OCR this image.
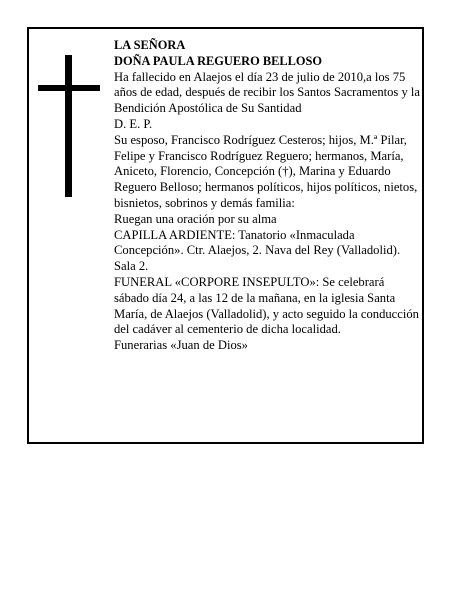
LA SEÑORA

DOÑA PAULA REGUERO BELLOSO

Ha fallecido en Alaejos el día 23 de julio de 2010,a los 75 años de edad, después de recibir los Santos Sacramentos y la Bendición Apostólica de Su Santidad

D. E. P.

Su esposo, Francisco Rodríguez Cesteros; hijos, M.ª Pilar, Felipe y Francisco Rodríguez Reguero; hermanos, María, Aniceto, Florencio, Concepción (†), Marina y Eduardo Reguero Belloso; hermanos políticos, hijos políticos, nietos, bisnietos, sobrinos y demás familia:

Ruegan una oración por su alma

CAPILLA ARDIENTE: Tanatorio «Inmaculada Concepción». Ctr. Alaejos, 2. Nava del Rey (Valladolid). Sala 2.

FUNERAL «CORPORE INSEPULTO»: Se celebrará sábado día 24, a las 12 de la mañana, en la iglesia Santa María, de Alaejos (Valladolid), y acto seguido la conducción del cadáver al cementerio de dicha localidad.

Funerarias «Juan de Dios»
